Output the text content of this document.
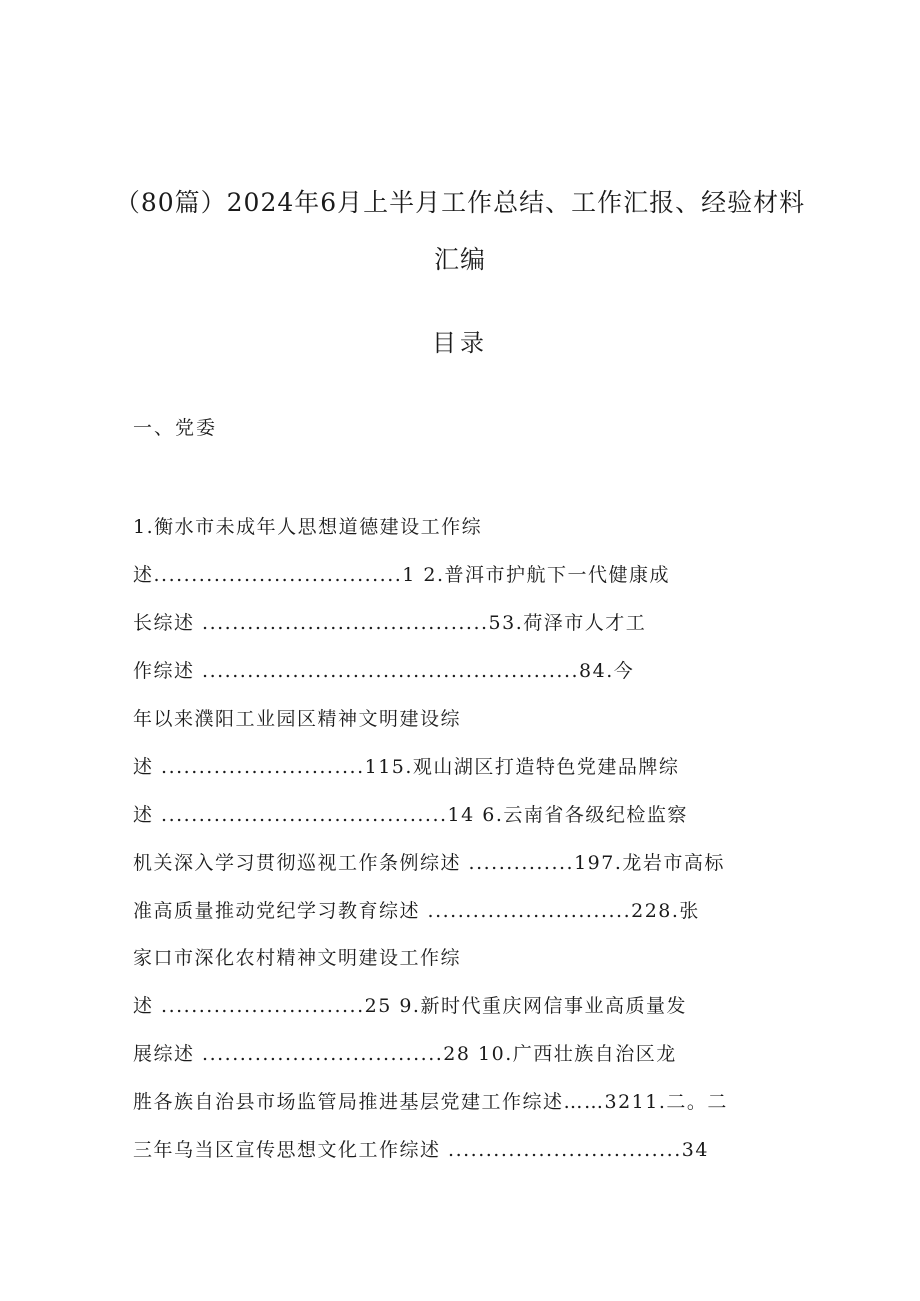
（80篇）2024年6月上半月工作总结、工作汇报、经验材料
汇编
目录
一、党委
1.衡水市未成年人思想道德建设工作综
述.................................1 2.普洱市护航下一代健康成
长综述 ......................................53.荷泽市人才工
作综述 ..................................................84.今
年以来濮阳工业园区精神文明建设综
述 ...........................115.观山湖区打造特色党建品牌综
述 ......................................14 6.云南省各级纪检监察
机关深入学习贯彻巡视工作条例综述 ..............197.龙岩市高标
准高质量推动党纪学习教育综述 ...........................228.张
家口市深化农村精神文明建设工作综
述 ...........................25 9.新时代重庆网信事业高质量发
展综述 ................................28 10.广西壮族自治区龙
胜各族自治县市场监管局推进基层党建工作综述……3211.二。二
三年乌当区宣传思想文化工作综述 ...............................34
